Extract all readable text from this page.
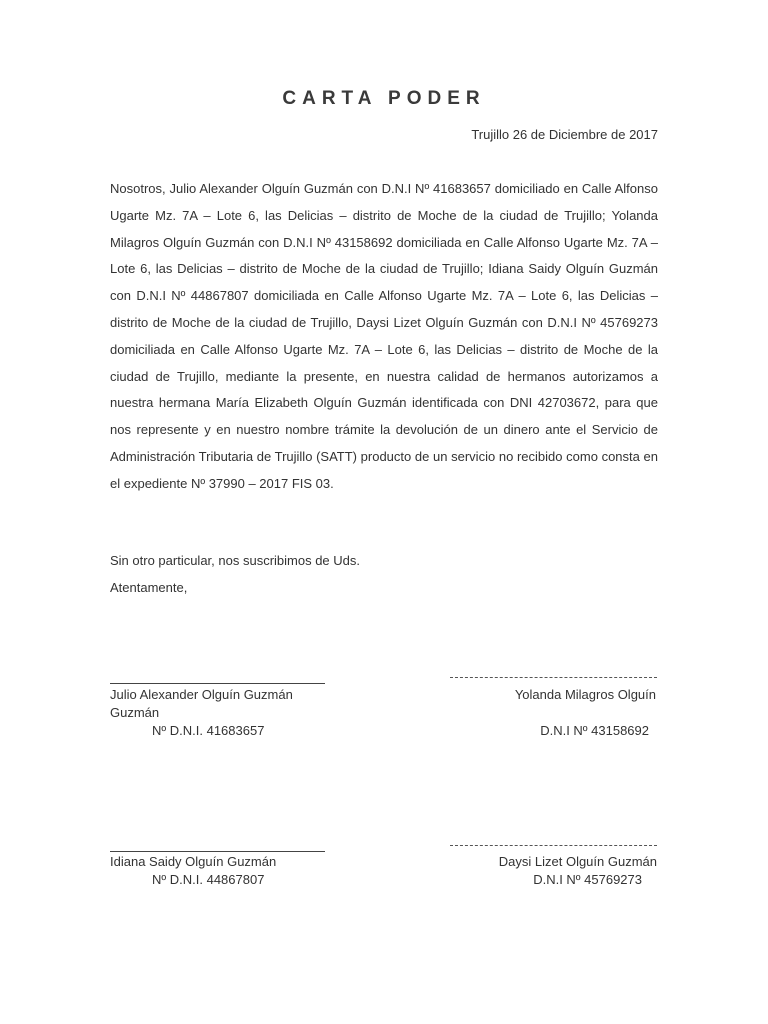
CARTA PODER
Trujillo 26 de Diciembre de 2017
Nosotros, Julio Alexander Olguín Guzmán con D.N.I Nº 41683657 domiciliado en Calle Alfonso Ugarte Mz. 7A – Lote 6, las Delicias – distrito de Moche de la ciudad de Trujillo; Yolanda Milagros Olguín Guzmán con D.N.I Nº 43158692 domiciliada en Calle Alfonso Ugarte Mz. 7A – Lote 6, las Delicias – distrito de Moche de la ciudad de Trujillo; Idiana Saidy Olguín Guzmán con D.N.I Nº 44867807 domiciliada en Calle Alfonso Ugarte Mz. 7A – Lote 6, las Delicias – distrito de Moche de la ciudad de Trujillo, Daysi Lizet Olguín Guzmán con D.N.I Nº 45769273 domiciliada en Calle Alfonso Ugarte Mz. 7A – Lote 6, las Delicias – distrito de Moche de la ciudad de Trujillo, mediante la presente, en nuestra calidad de hermanos autorizamos a nuestra hermana María Elizabeth Olguín Guzmán identificada con DNI 42703672, para que nos represente y en nuestro nombre trámite la devolución de un dinero ante el Servicio de Administración Tributaria de Trujillo (SATT) producto de un servicio no recibido como consta en el expediente Nº 37990 – 2017 FIS 03.
Sin otro particular, nos suscribimos de Uds.
Atentamente,
Julio Alexander Olguín Guzmán
Guzmán
Nº D.N.I. 41683657
Yolanda Milagros Olguín
D.N.I Nº 43158692
Idiana Saidy Olguín Guzmán
Nº D.N.I. 44867807
Daysi Lizet Olguín Guzmán
D.N.I Nº 45769273
